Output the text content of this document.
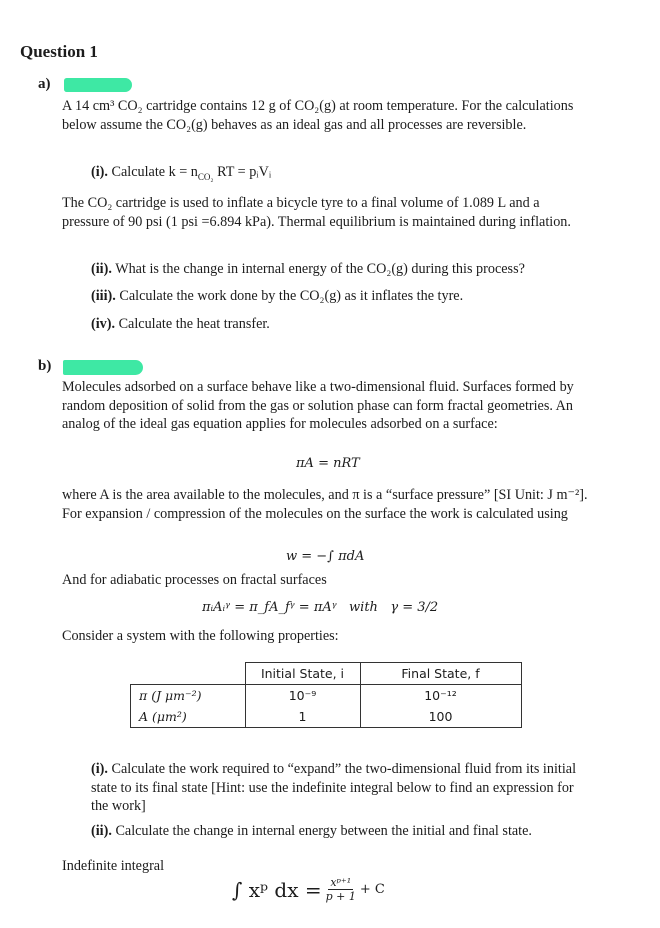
Question 1
a)

A 14 cm³ CO₂ cartridge contains 12 g of CO₂(g) at room temperature. For the calculations below assume the CO₂(g) behaves as an ideal gas and all processes are reversible.

(i). Calculate $k = n_{CO_2}$ RT = pᵢVᵢ

The CO₂ cartridge is used to inflate a bicycle tyre to a final volume of 1.089 L and a pressure of 90 psi (1 psi =6.894 kPa). Thermal equilibrium is maintained during inflation.

(ii). What is the change in internal energy of the CO₂(g) during this process?
(iii). Calculate the work done by the CO₂(g) as it inflates the tyre.
(iv). Calculate the heat transfer.
b)

Molecules adsorbed on a surface behave like a two-dimensional fluid. Surfaces formed by random deposition of solid from the gas or solution phase can form fractal geometries. An analog of the ideal gas equation applies for molecules adsorbed on a surface:

πA = nRT

where A is the area available to the molecules, and π is a “surface pressure” [SI Unit: J m⁻²]. For expansion / compression of the molecules on the surface the work is calculated using

w = −∫ πdA

And for adiabatic processes on fractal surfaces

πᵢAᵢᵞ = π_fA_fᵞ = πAᵞ   with   γ = 3/2

Consider a system with the following properties:

	Initial State, i	Final State, f
π (J μm⁻²)	10⁻⁹	10⁻¹²
A (μm²)	1	100
(i). Calculate the work required to “expand” the two-dimensional fluid from its initial state to its final state [Hint: use the indefinite integral below to find an expression for the work]
(ii). Calculate the change in internal energy between the initial and final state.
Indefinite integral
∫ xᵖ dx = $\frac{\text{xᵖ⁺¹}}{p + 1} + C$
